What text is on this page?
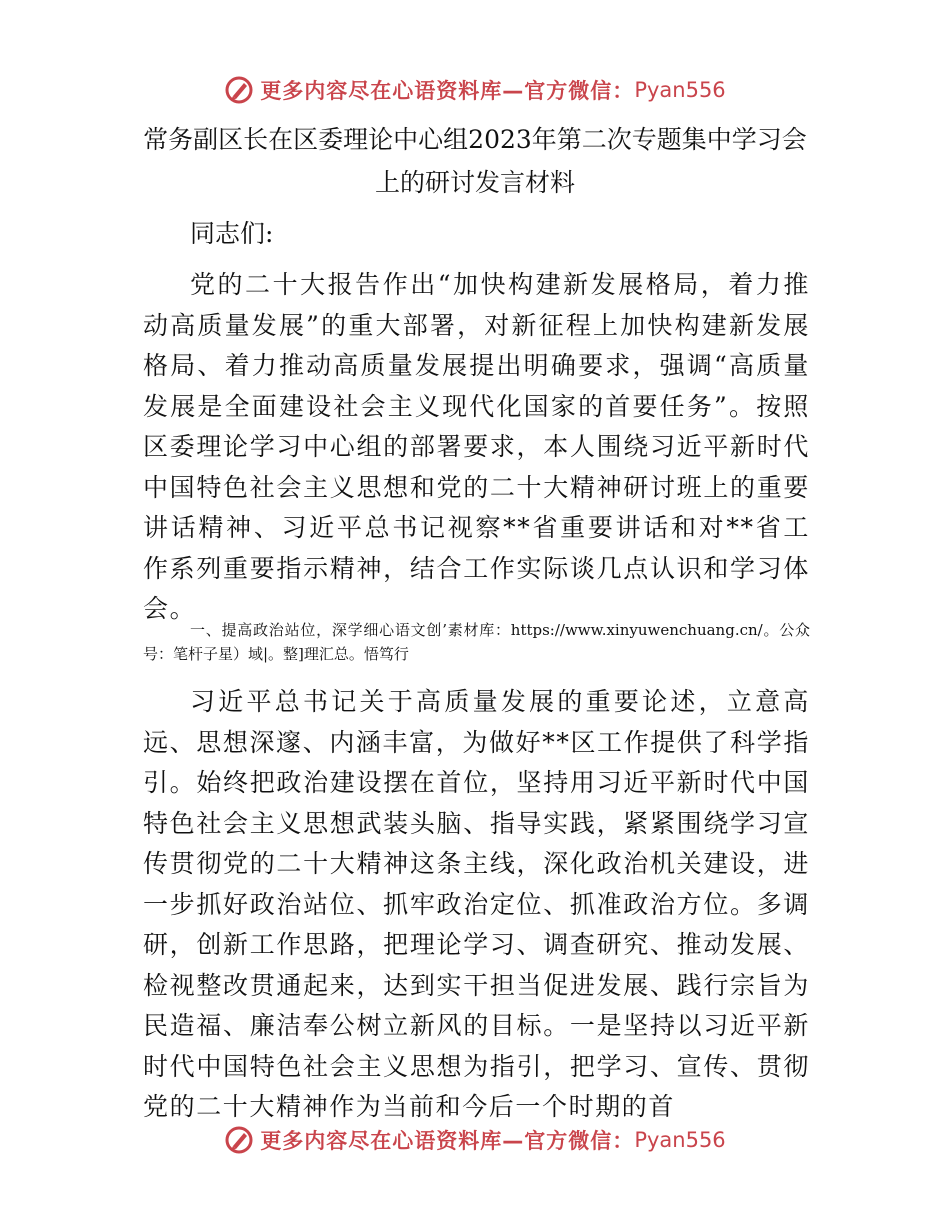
更多内容尽在心语资料库—官方微信： Pyan556
常务副区长在区委理论中心组2023年第二次专题集中学习会
上的研讨发言材料

同志们:

党的二十大报告作出“加快构建新发展格局，着力推动高质量发展”的重大部署，对新征程上加快构建新发展格局、着力推动高质量发展提出明确要求，强调“高质量发展是全面建设社会主义现代化国家的首要任务”。按照区委理论学习中心组的部署要求，本人围绕习近平新时代中国特色社会主义思想和党的二十大精神研讨班上的重要讲话精神、习近平总书记视察**省重要讲话和对**省工作系列重要指示精神，结合工作实际谈几点认识和学习体会。

一、提高政治站位，深学细心语文创’素材库：https://www.xinyuwenchuang.cn/。公众号：笔杆子星）域|。整]理汇总。悟笃行

习近平总书记关于高质量发展的重要论述，立意高远、思想深邃、内涵丰富，为做好**区工作提供了科学指引。始终把政治建设摆在首位，坚持用习近平新时代中国特色社会主义思想武装头脑、指导实践，紧紧围绕学习宣传贯彻党的二十大精神这条主线，深化政治机关建设，进一步抓好政治站位、抓牢政治定位、抓准政治方位。多调研，创新工作思路，把理论学习、调查研究、推动发展、检视整改贯通起来，达到实干担当促进发展、践行宗旨为民造福、廉洁奉公树立新风的目标。一是坚持以习近平新时代中国特色社会主义思想为指引，把学习、宣传、贯彻党的二十大精神作为当前和今后一个时期的首

更多内容尽在心语资料库—官方微信： Pyan556
